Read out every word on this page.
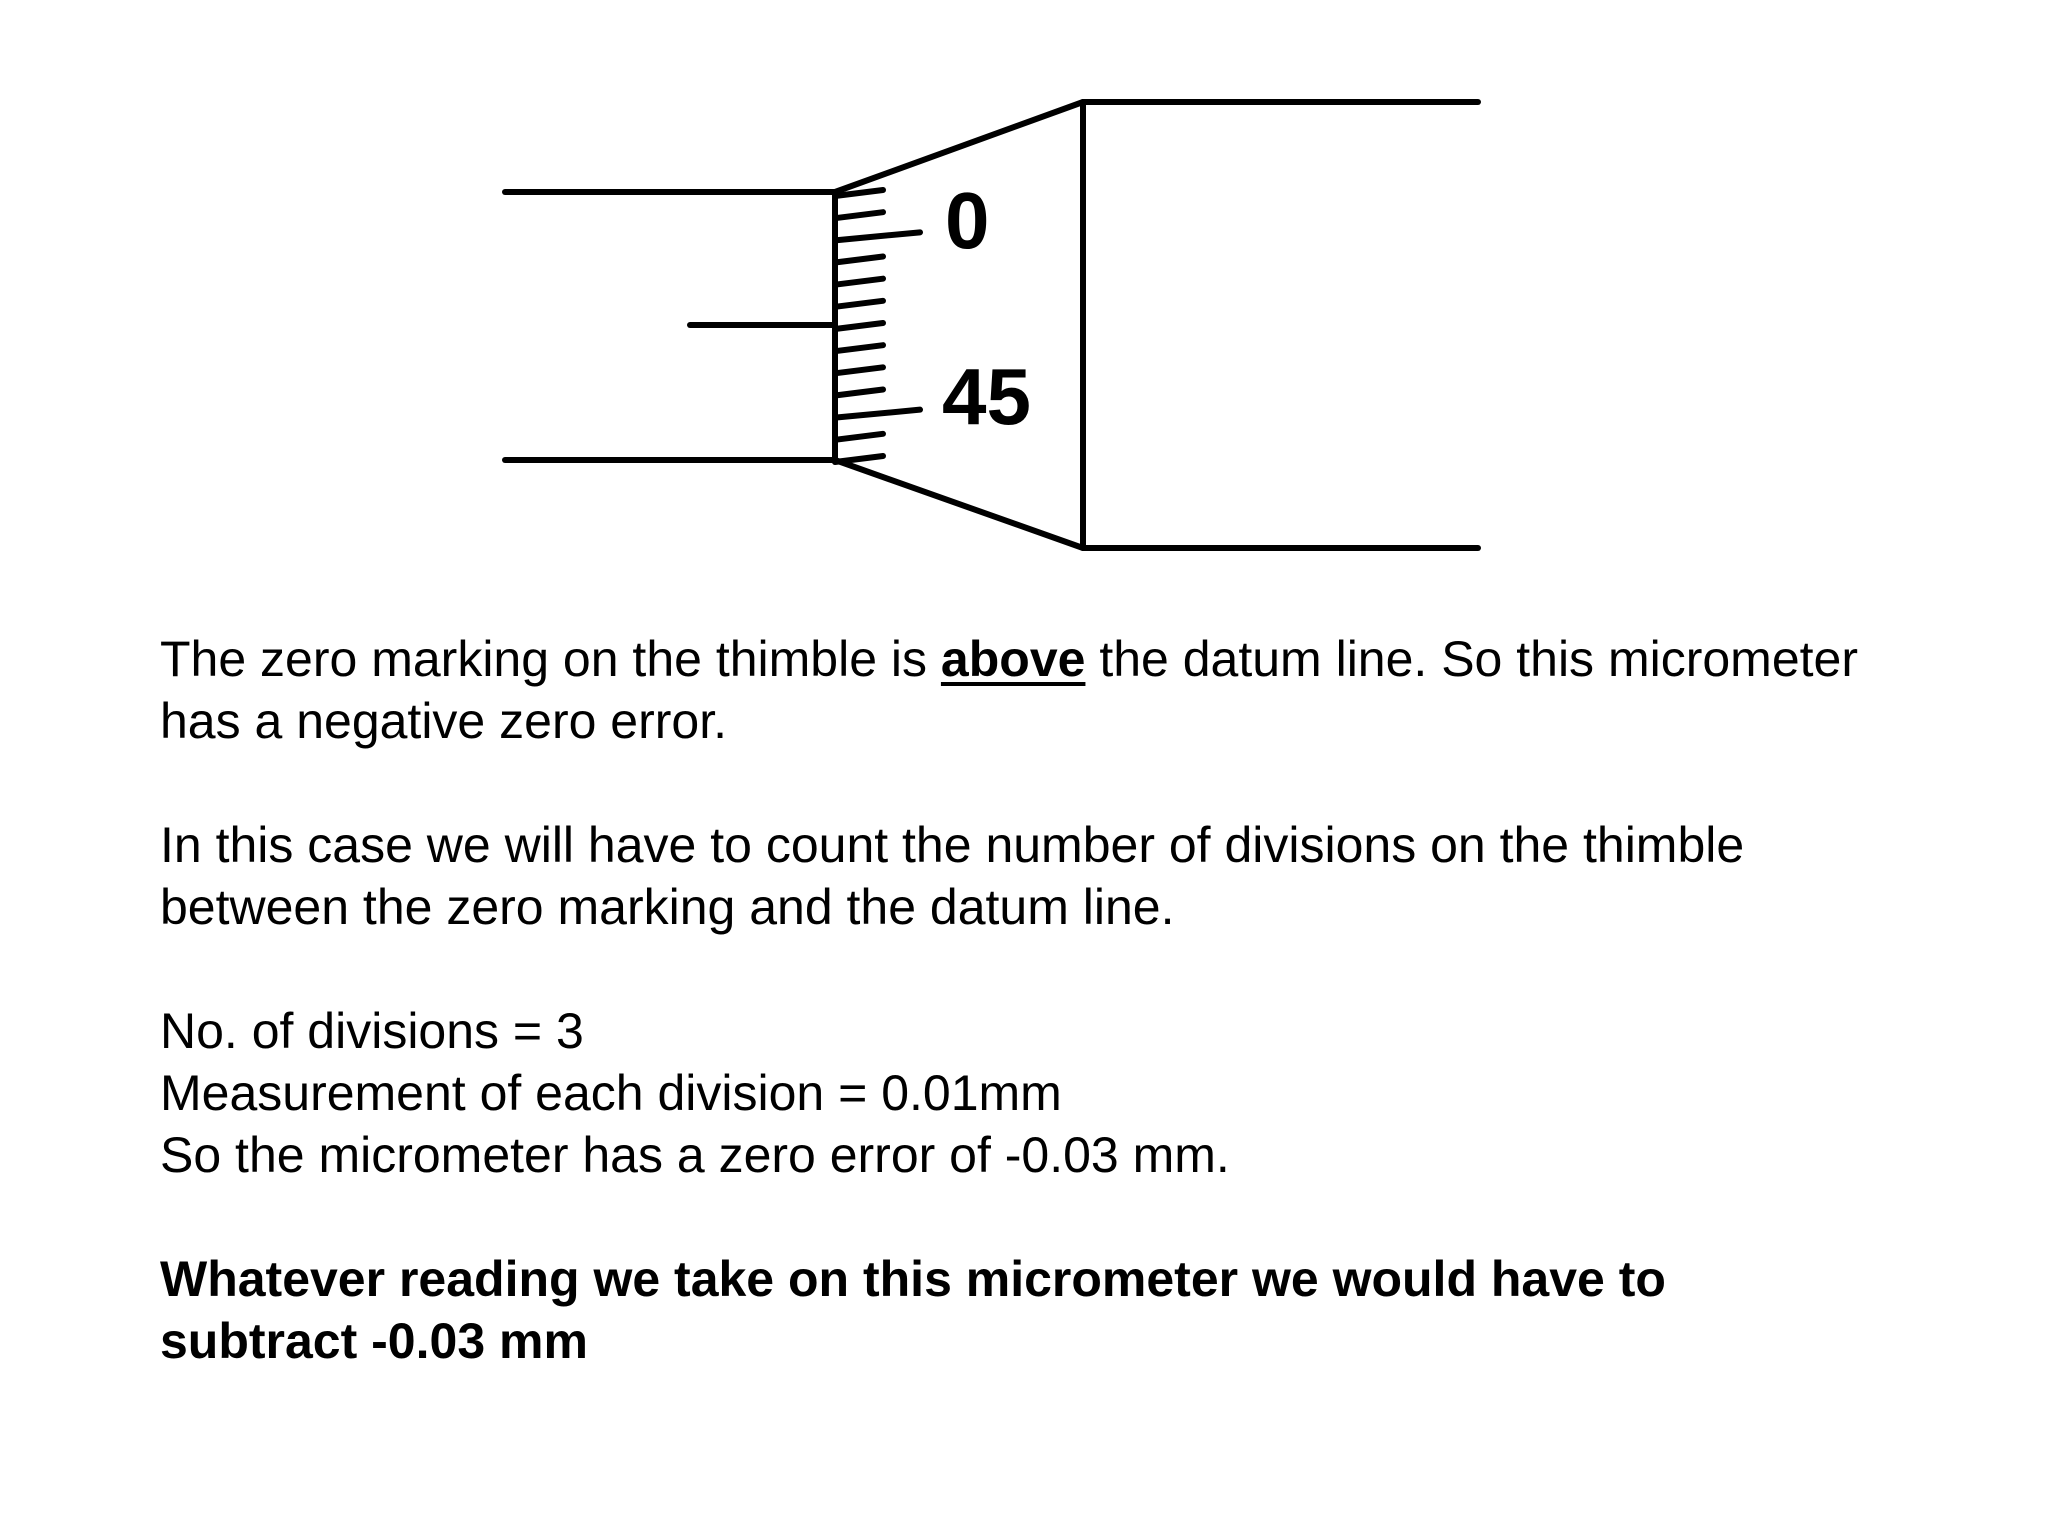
0
45

The zero marking on the thimble is above the datum line. So this micrometer
has a negative zero error.

In this case we will have to count the number of divisions on the thimble
between the zero marking and the datum line.

No. of divisions = 3
Measurement of each division = 0.01mm
So the micrometer has a zero error of -0.03 mm.

Whatever reading we take on this micrometer we would have to
subtract -0.03 mm
